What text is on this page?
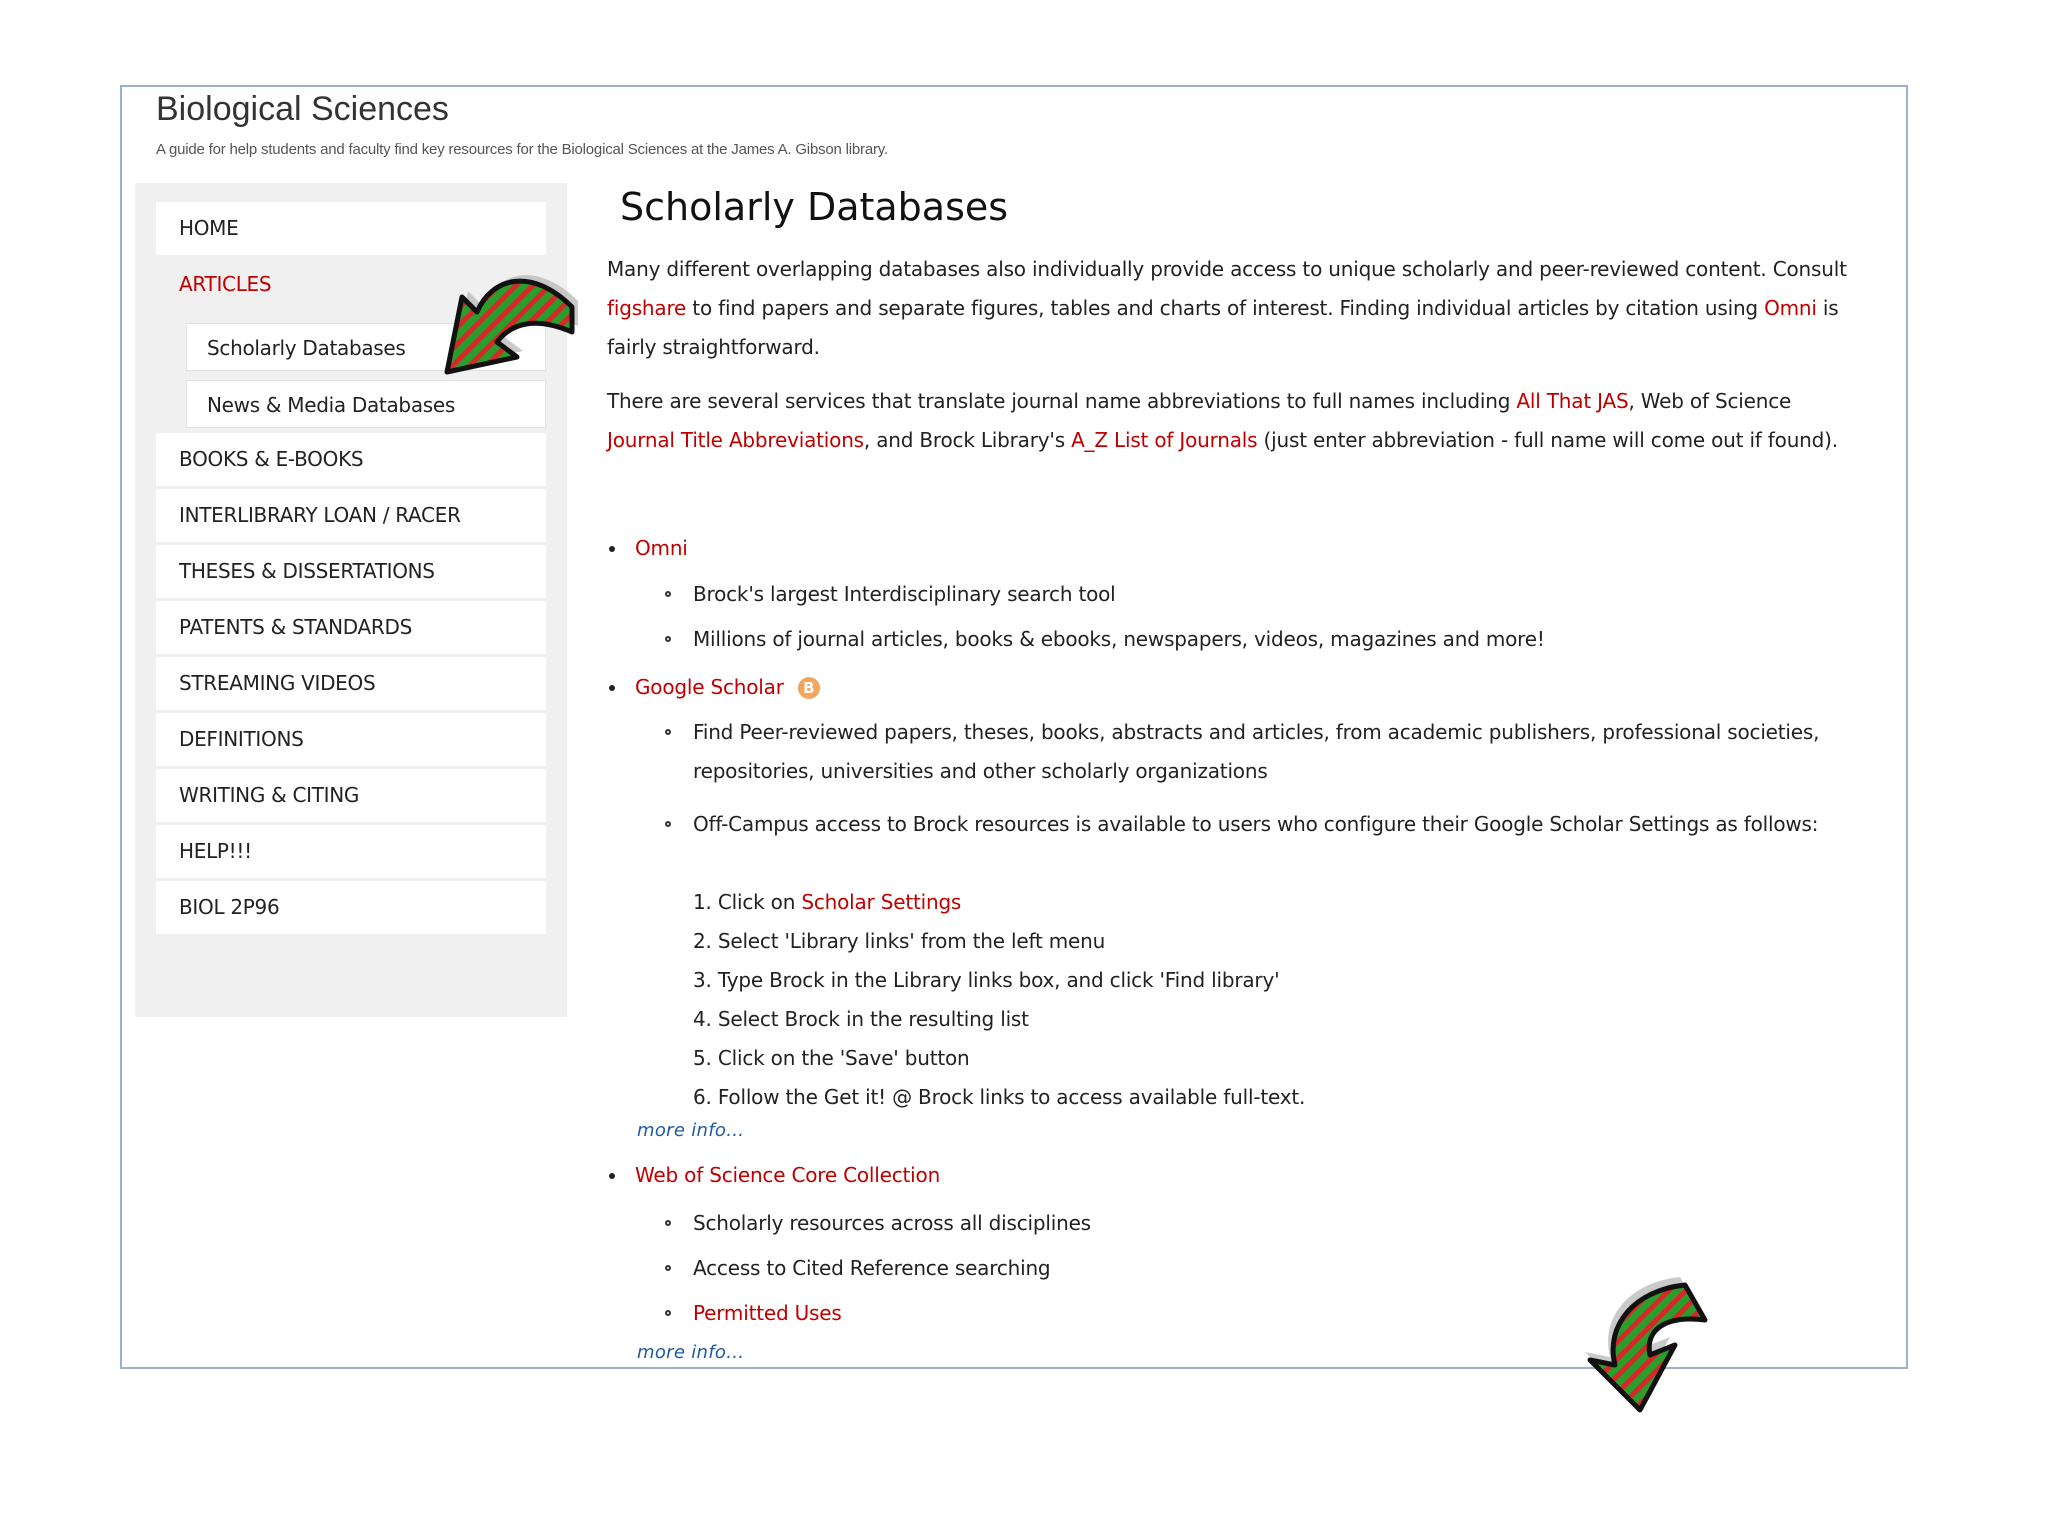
Biological Sciences
A guide for help students and faculty find key resources for the Biological Sciences at the James A. Gibson library.
HOME
ARTICLES
Scholarly Databases
News & Media Databases
BOOKS & E-BOOKS
INTERLIBRARY LOAN / RACER
THESES & DISSERTATIONS
PATENTS & STANDARDS
STREAMING VIDEOS
DEFINITIONS
WRITING & CITING
HELP!!!
BIOL 2P96
Scholarly Databases
Many different overlapping databases also individually provide access to unique scholarly and peer-reviewed content. Consult figshare to find papers and separate figures, tables and charts of interest. Finding individual articles by citation using Omni is fairly straightforward.
There are several services that translate journal name abbreviations to full names including All That JAS, Web of Science Journal Title Abbreviations, and Brock Library's A_Z List of Journals (just enter abbreviation - full name will come out if found).
Omni
Brock's largest Interdisciplinary search tool
Millions of journal articles, books & ebooks, newspapers, videos, magazines and more!
Google Scholar B
Find Peer-reviewed papers, theses, books, abstracts and articles, from academic publishers, professional societies, repositories, universities and other scholarly organizations
Off-Campus access to Brock resources is available to users who configure their Google Scholar Settings as follows:
1. Click on Scholar Settings
2. Select 'Library links' from the left menu
3. Type Brock in the Library links box, and click 'Find library'
4. Select Brock in the resulting list
5. Click on the 'Save' button
6. Follow the Get it! @ Brock links to access available full-text.
more info...
Web of Science Core Collection
Scholarly resources across all disciplines
Access to Cited Reference searching
Permitted Uses
more info...
